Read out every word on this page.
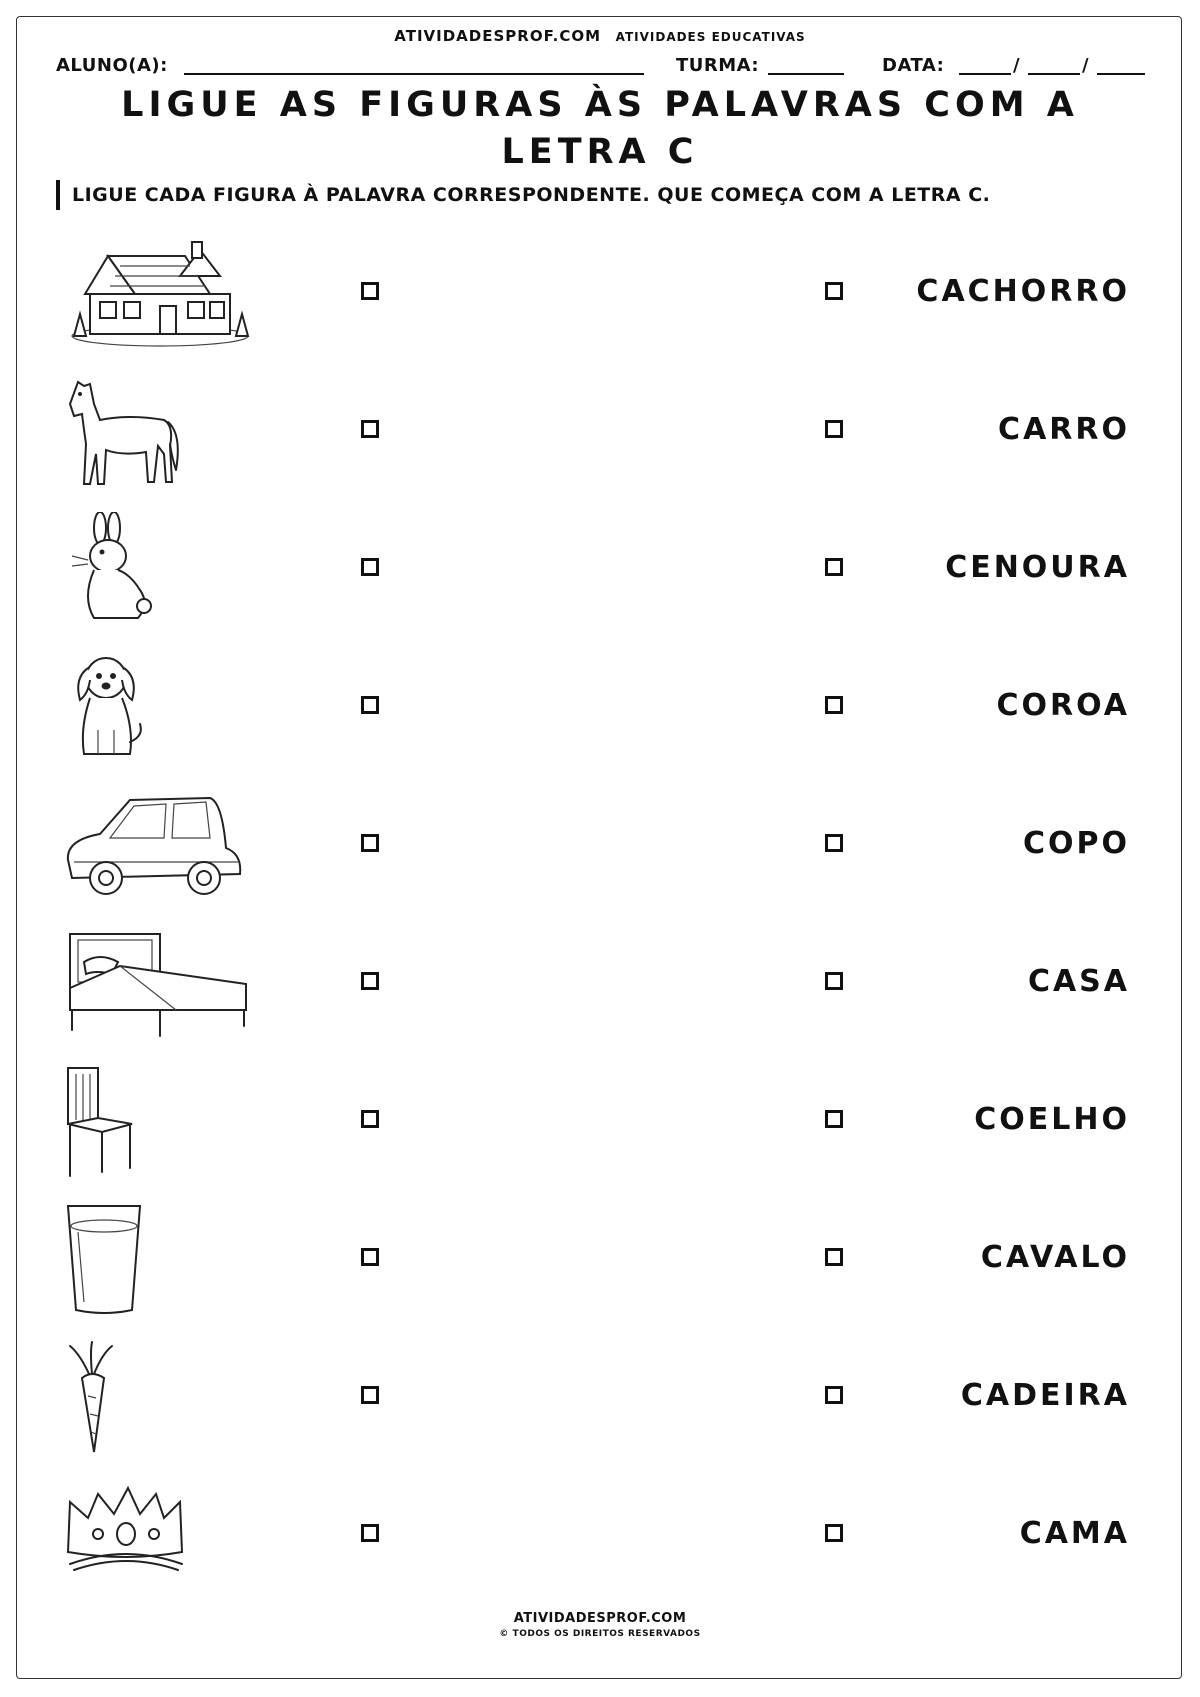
ATIVIDADESPROF.COM ATIVIDADES EDUCATIVAS
ALUNO(A):	TURMA:	DATA:	/	/
LIGUE AS FIGURAS ÀS PALAVRAS COM A
LETRA C
LIGUE CADA FIGURA À PALAVRA CORRESPONDENTE. QUE COMEÇA COM A LETRA C.
CACHORRO
CARRO
CENOURA
COROA
COPO
CASA
COELHO
CAVALO
CADEIRA
CAMA
ATIVIDADESPROF.COM
© TODOS OS DIREITOS RESERVADOS
